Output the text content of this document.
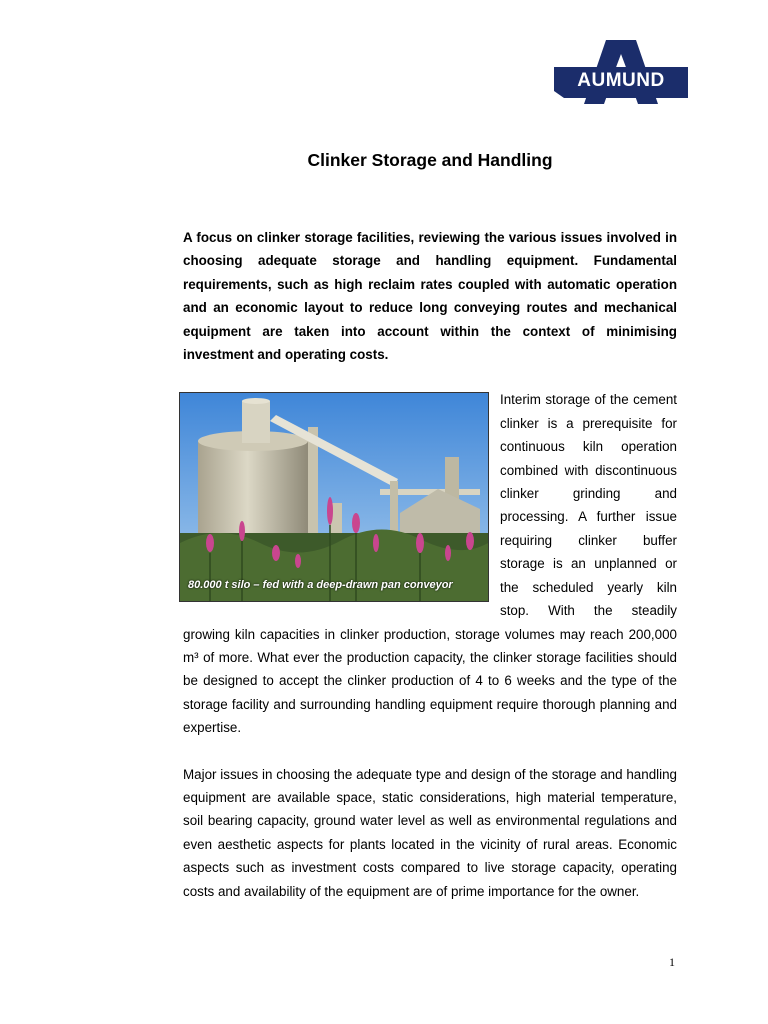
AUMUND
Clinker Storage and Handling

A focus on clinker storage facilities, reviewing the various issues involved in choosing adequate storage and handling equipment. Fundamental requirements, such as high reclaim rates coupled with automatic operation and an economic layout to reduce long conveying routes and mechanical equipment are taken into account within the context of minimising investment and operating costs.

80.000 t silo – fed with a deep-drawn pan conveyor

Interim storage of the cement clinker is a prerequisite for continuous kiln operation combined with discontinuous clinker grinding and processing. A further issue requiring clinker buffer storage is an unplanned or the scheduled yearly kiln stop. With the steadily growing kiln capacities in clinker production, storage volumes may reach 200,000 m³ of more. What ever the production capacity, the clinker storage facilities should be designed to accept the clinker production of 4 to 6 weeks and the type of the storage facility and surrounding handling equipment require thorough planning and expertise.

Major issues in choosing the adequate type and design of the storage and handling equipment are available space, static considerations, high material temperature, soil bearing capacity, ground water level as well as environmental regulations and even aesthetic aspects for plants located in the vicinity of rural areas. Economic aspects such as investment costs compared to live storage capacity, operating costs and availability of the equipment are of prime importance for the owner.

1
